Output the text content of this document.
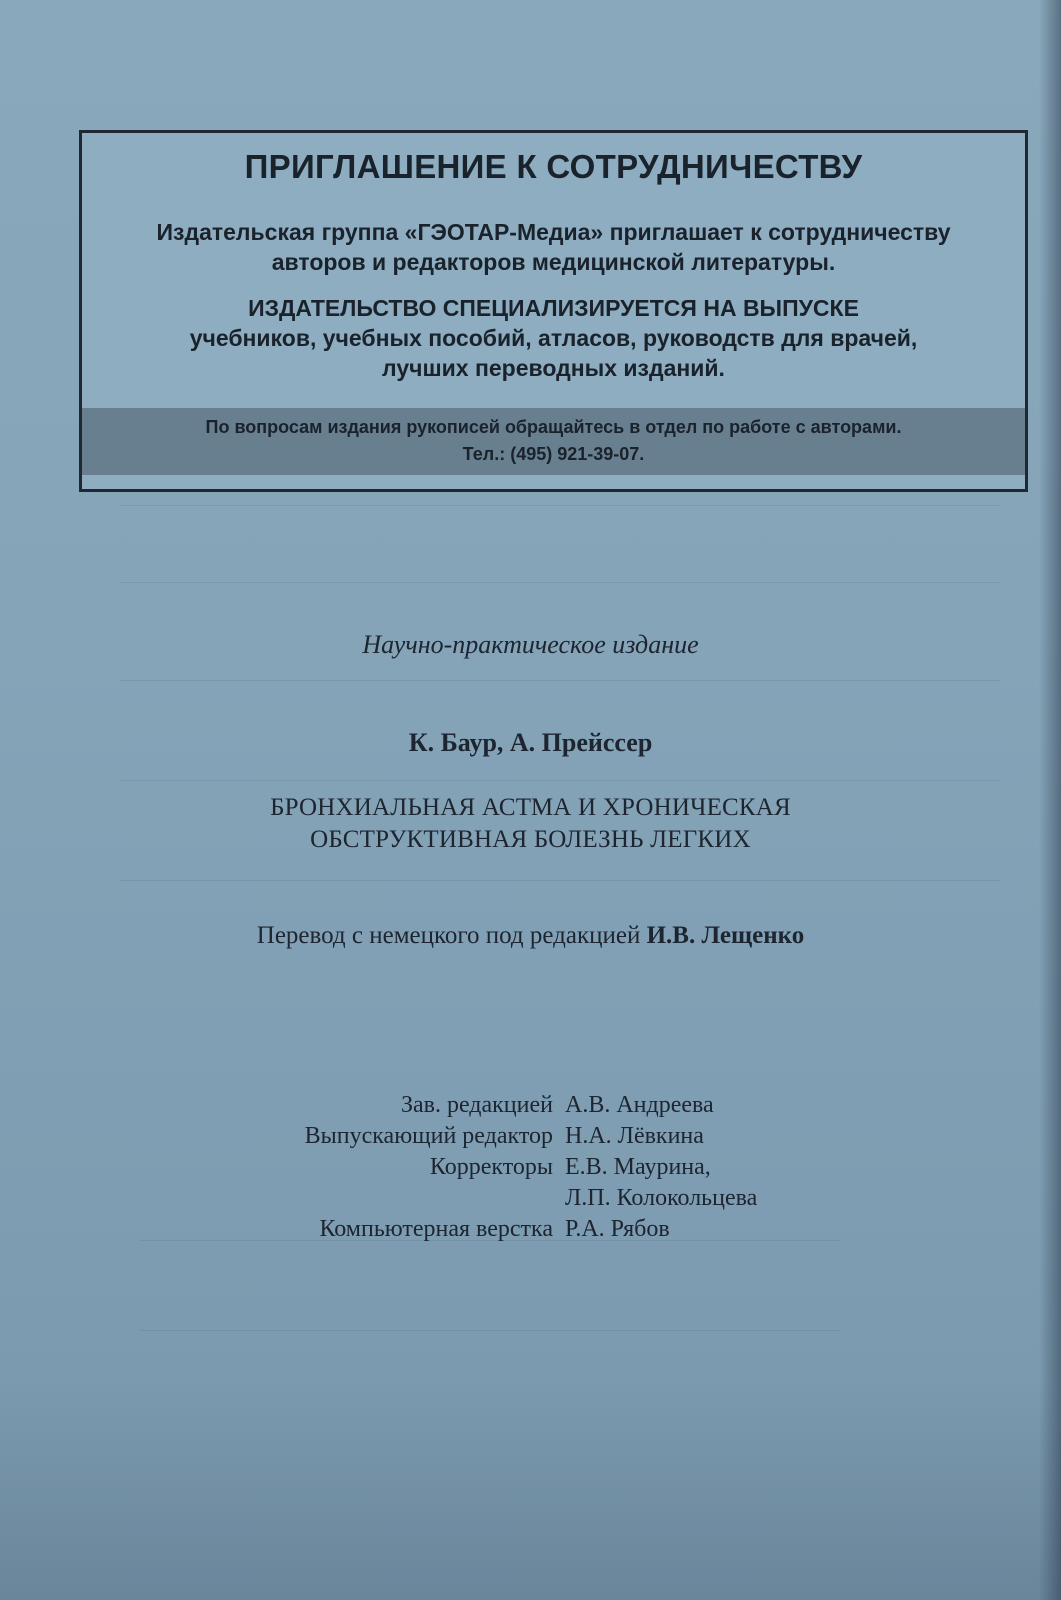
ПРИГЛАШЕНИЕ К СОТРУДНИЧЕСТВУ
Издательская группа «ГЭОТАР-Медиа» приглашает к сотрудничеству
авторов и редакторов медицинской литературы.
ИЗДАТЕЛЬСТВО СПЕЦИАЛИЗИРУЕТСЯ НА ВЫПУСКЕ
учебников, учебных пособий, атласов, руководств для врачей,
лучших переводных изданий.
По вопросам издания рукописей обращайтесь в отдел по работе с авторами.
Тел.: (495) 921-39-07.
Научно-практическое издание
К. Баур, А. Прейссер
БРОНХИАЛЬНАЯ АСТМА И ХРОНИЧЕСКАЯ
ОБСТРУКТИВНАЯ БОЛЕЗНЬ ЛЕГКИХ
Перевод с немецкого под редакцией И.В. Лещенко
Зав. редакцией А.В. Андреева
Выпускающий редактор Н.А. Лёвкина
Корректоры Е.В. Маурина,
Л.П. Колокольцева
Компьютерная верстка Р.А. Рябов
